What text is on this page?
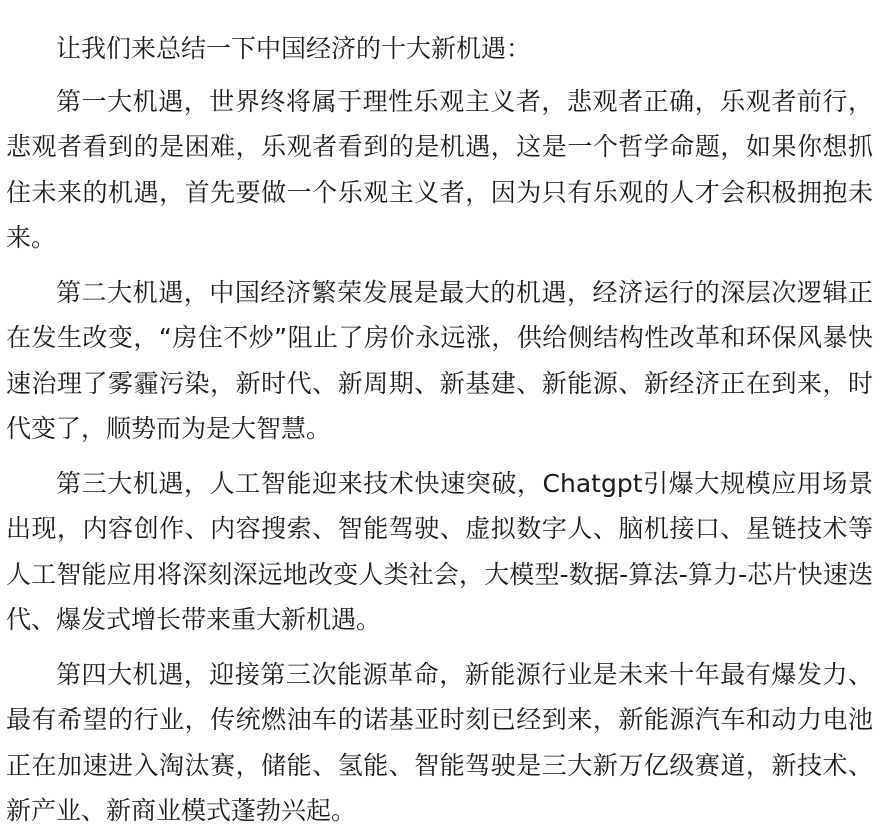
让我们来总结一下中国经济的十大新机遇：

第一大机遇，世界终将属于理性乐观主义者，悲观者正确，乐观者前行，悲观者看到的是困难，乐观者看到的是机遇，这是一个哲学命题，如果你想抓住未来的机遇，首先要做一个乐观主义者，因为只有乐观的人才会积极拥抱未来。

第二大机遇，中国经济繁荣发展是最大的机遇，经济运行的深层次逻辑正在发生改变，“房住不炒”阻止了房价永远涨，供给侧结构性改革和环保风暴快速治理了雾霾污染，新时代、新周期、新基建、新能源、新经济正在到来，时代变了，顺势而为是大智慧。

第三大机遇，人工智能迎来技术快速突破，Chatgpt引爆大规模应用场景出现，内容创作、内容搜索、智能驾驶、虚拟数字人、脑机接口、星链技术等人工智能应用将深刻深远地改变人类社会，大模型-数据-算法-算力-芯片快速迭代、爆发式增长带来重大新机遇。

第四大机遇，迎接第三次能源革命，新能源行业是未来十年最有爆发力、最有希望的行业，传统燃油车的诺基亚时刻已经到来，新能源汽车和动力电池正在加速进入淘汰赛，储能、氢能、智能驾驶是三大新万亿级赛道，新技术、新产业、新商业模式蓬勃兴起。
